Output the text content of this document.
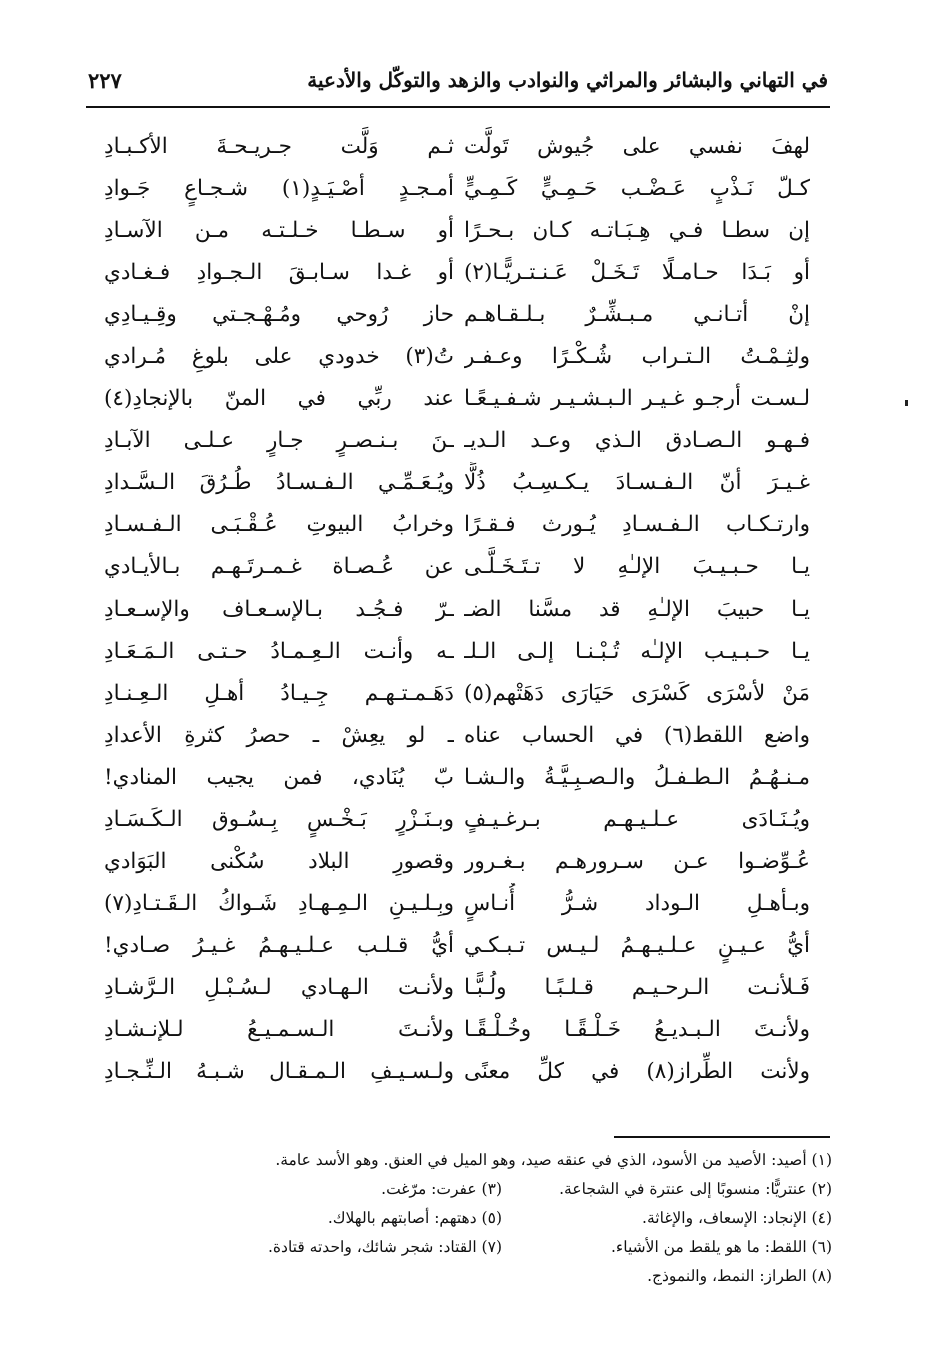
في التهاني والبشائر والمراثي والنوادب والزهد والتوكّل والأدعية
٢٢٧
لهفَ نفسي على جُيوش تَولَّت
كـلّ نَـذْبٍ عَـضْـب حَـمِـيٍّ كَـمِـيٍّ
إن سطـا فـي هِـبَـاتـه كـان بـحـرًا
أو بَـدَا حـامـلًا تَـخَـلْ عَـنـتـريًّـا(٢)
إنْ أتـانـي مـبـشِّـرٌ بـلـقـاهـم
ولثِـمْـتُ الـتـراب شُـكْـرًا وعـفـر
لـسـت أرجـو غـيـر الـبـشـيـر شـفـيـعًـا
فـهـو الـصـادق الـذي وعـد الـديـ
غـيـرَ أنّ الـفـسـادَ يـكـسِـبُ ذُلًّا
وارتـكـاب الـفـسـادِ يُـورث فـقـرًا
يـا حـبـيـبَ الإلـٰهِ لا تـتَـخَـلَّـى
يـا حبيبَ الإلـٰهِ قد مسَّنا الضـ
يـا حـبـيـب الإلـٰه تُـبْـنـا إلـى الـلـ
مَنْ لأسْرَى كَسْرَى حَيَارَى دَهَتْهم(٥)
واضع اللقط(٦) في الحساب عناه
مـنـهُـمُ الـطـفـلُ والـصـبِـيَّـةُ والـشـا
ويُـنَـادَى عـلـيـهـم بـرغـيـفٍ
عُـوِّضـوا عـن سـرورهـم بـغـرور
وبـأهـلِ الـوداد شـرُّ أُنـاسٍ
أيُّ عـيـنٍ عـلـيـهـمُ لـيـس تـبـكـي
فَـلأنـت الـرحـيـم قـلـبًـا ولُـبًّـا
ولأنـتَ الـبـديـعُ خَـلْـقًـا وخُـلْـقًـا
ولأنت الطِّراز(٨) في كلِّ معنًى
ثـم وَلَّت جـريـحـةَ الأكـبـادِ
أمـجـدٍ أصْـيَـدٍ(١) شـجـاعٍ جَـوادِ
أو سـطـا خـلـتـه مـن الآسـادِ
أو غـدا سـابـقَ الـجـوادِ فـغـادي
حاز رُوحي ومُـهْـجـتي وقِـيـادِي
تُ(٣) خدودي على بلوغِ مُـرادي
عند ربِّي في المنّ بالإنجادِ(٤)
ـنَ بـنـصـرٍ جـارٍ عـلـى الآبـادِ
ويُـعَـمِّـي الـفـسـادُ طُـرُقَ الـسَّـدادِ
وخرابُ البيوتِ عُـقْـبَـى الـفـسـادِ
عن عُـصـاة غـمـرتَـهـم بـالأيـادي
ـرّ فـجُـد بـالإسـعـاف والإسـعـادِ
ـه وأنـت الـعِـمـادُ حـتـى الـمَـعَـادِ
دَهَـمـتـهـم جِـيـادُ أهـلِ الـعِـنـادِ
ـ لو يعِشْ ـ حصرُ كثرةِ الأعدادِ
بّ يُنَادي، فمن يجيب المنادي!
وبـنَـزْرٍ بَـخْـسٍ بِـسُـوق الـكَـسَـادِ
وقصورِ البلاد سُكْنى البَوَادي
وبِـلـيـنِ الـمِـهـادِ شَـواكُ الـقَـتـادِ(٧)
أيُّ قـلـب عـلـيـهـمُ غـيـرُ صـادي!
ولأنـت الـهـادي لـسُـبْـلِ الـرَّشـادِ
ولأنـتَ الـسـمـيـعُ لـلإنـشـادِ
ولـسـيـفِ الـمـقـال شـبـهُ الـنِّـجـادِ
(١) أصيد: الأصيد من الأسود، الذي في عنقه صيد، وهو الميل في العنق. وهو الأسد عامة.
(٢) عنتريًّا: منسوبًا إلى عنترة في الشجاعة.
(٣) عفرت: مرّغت.
(٤) الإنجاد: الإسعاف، والإغاثة.
(٥) دهتهم: أصابتهم بالهلاك.
(٦) اللقط: ما هو يلقط من الأشياء.
(٧) القتاد: شجر شائك، واحدته قتادة.
(٨) الطراز: النمط، والنموذج.
